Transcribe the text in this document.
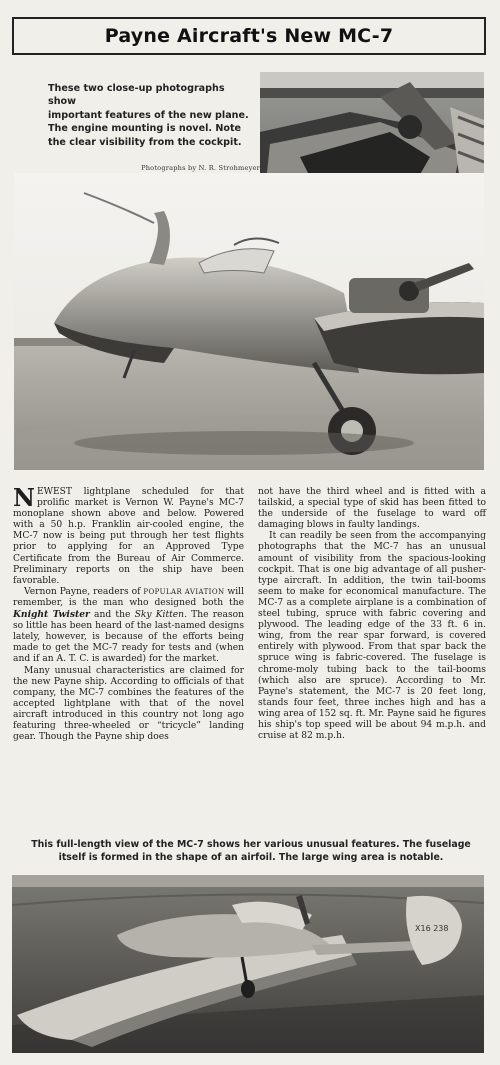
Payne Aircraft's New MC-7
These two close-up photographs show
important features of the new plane.
The engine mounting is novel. Note
the clear visibility from the cockpit.
Photographs by N. R. Strohmeyer

NEWEST lightplane scheduled for that prolific market is Vernon W. Payne's MC-7 monoplane shown above and below. Powered with a 50 h.p. Franklin air-cooled engine, the MC-7 now is being put through her test flights prior to applying for an Approved Type Certificate from the Bureau of Air Commerce. Preliminary reports on the ship have been favorable.

Vernon Payne, readers of POPULAR AVIATION will remember, is the man who designed both the Knight Twister and the Sky Kitten. The reason so little has been heard of the last-named designs lately, however, is because of the efforts being made to get the MC-7 ready for tests and (when and if an A. T. C. is awarded) for the market.

Many unusual characteristics are claimed for the new Payne ship. According to officials of that company, the MC-7 combines the features of the accepted lightplane with that of the novel aircraft introduced in this country not long ago featuring three-wheeled or “tricycle” landing gear. Though the Payne ship does

not have the third wheel and is fitted with a tailskid, a special type of skid has been fitted to the underside of the fuselage to ward off damaging blows in faulty landings.

It can readily be seen from the accompanying photographs that the MC-7 has an unusual amount of visibility from the spacious-looking cockpit. That is one big advantage of all pusher-type aircraft. In addition, the twin tail-booms seem to make for economical manufacture. The MC-7 as a complete airplane is a combination of steel tubing, spruce with fabric covering and plywood. The leading edge of the 33 ft. 6 in. wing, from the rear spar forward, is covered entirely with plywood. From that spar back the spruce wing is fabric-covered. The fuselage is chrome-moly tubing back to the tail-booms (which also are spruce). According to Mr. Payne's statement, the MC-7 is 20 feet long, stands four feet, three inches high and has a wing area of 152 sq. ft. Mr. Payne said he figures his ship's top speed will be about 94 m.p.h. and cruise at 82 m.p.h.

This full-length view of the MC-7 shows her various unusual features. The fuselage
itself is formed in the shape of an airfoil. The large wing area is notable.
X16 238
